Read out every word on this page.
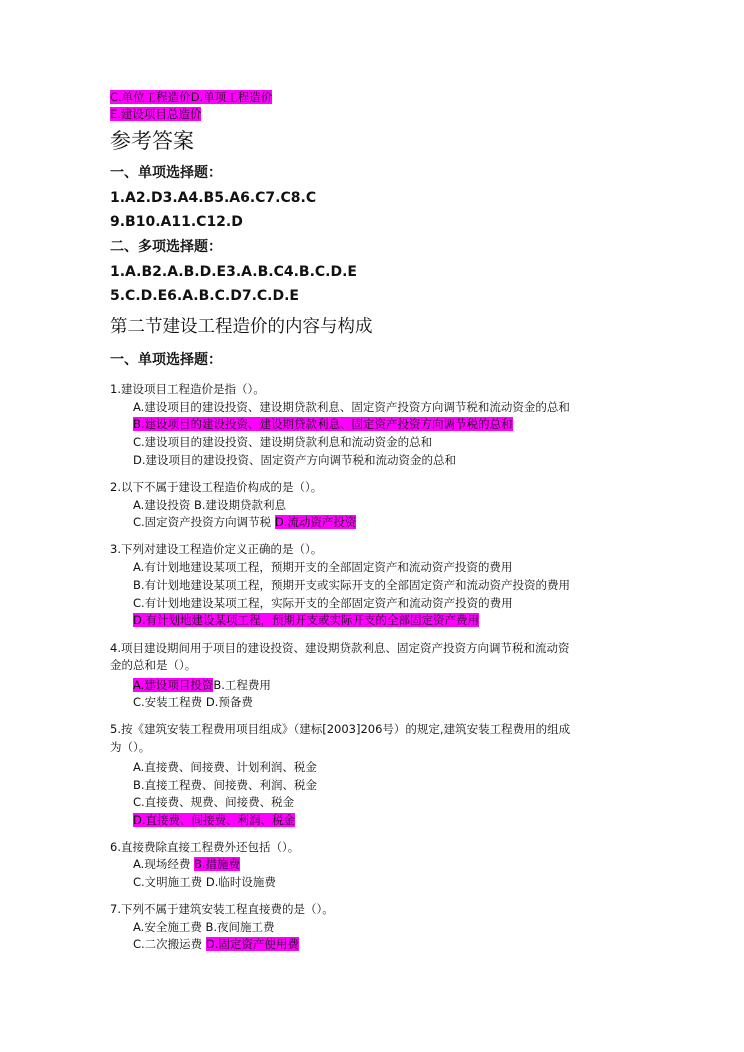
C.单位工程造价D.单项工程造价
E.建设项目总造价
参考答案
一、单项选择题：
1.A2.D3.A4.B5.A6.C7.C8.C
9.B10.A11.C12.D
二、多项选择题：
1.A.B2.A.B.D.E3.A.B.C4.B.C.D.E
5.C.D.E6.A.B.C.D7.C.D.E
第二节建设工程造价的内容与构成
一、单项选择题：
1.建设项目工程造价是指（）。
A.建设项目的建设投资、建设期贷款利息、固定资产投资方向调节税和流动资金的总和
B.建设项目的建设投资、建设期贷款利息、固定资产投资方向调节税的总和
C.建设项目的建设投资、建设期贷款利息和流动资金的总和
D.建设项目的建设投资、固定资产方向调节税和流动资金的总和
2.以下不属于建设工程造价构成的是（）。
A.建设投资 B.建设期贷款利息
C.固定资产投资方向调节税 D.流动资产投资
3.下列对建设工程造价定义正确的是（）。
A.有计划地建设某项工程，预期开支的全部固定资产和流动资产投资的费用
B.有计划地建设某项工程，预期开支或实际开支的全部固定资产和流动资产投资的费用
C.有计划地建设某项工程，实际开支的全部固定资产和流动资产投资的费用
D.有计划地建设某项工程，预期开支或实际开支的全部固定资产费用
4.项目建设期间用于项目的建设投资、建设期贷款利息、固定资产投资方向调节税和流动资
金的总和是（）。
A.建设项目投资B.工程费用
C.安装工程费 D.预备费
5.按《建筑安装工程费用项目组成》（建标[2003]206号）的规定,建筑安装工程费用的组成
为（）。
A.直接费、间接费、计划利润、税金
B.直接工程费、间接费、利润、税金
C.直接费、规费、间接费、税金
D.直接费、间接费、利润、税金
6.直接费除直接工程费外还包括（）。
A.现场经费 B.措施费
C.文明施工费 D.临时设施费
7.下列不属于建筑安装工程直接费的是（）。
A.安全施工费 B.夜间施工费
C.二次搬运费 D.固定资产使用费
